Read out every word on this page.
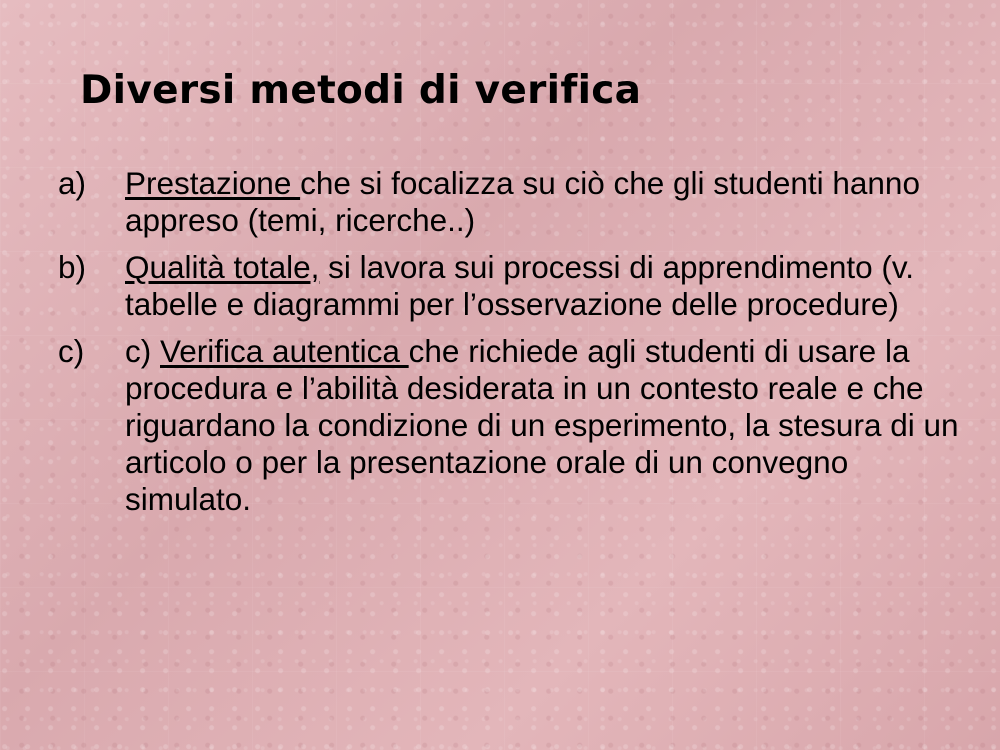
Diversi metodi di verifica
a)	Prestazione che si focalizza su ciò che gli studenti hanno appreso (temi, ricerche..)
b)	Qualità totale, si lavora sui processi di apprendimento (v. tabelle e diagrammi per l’osservazione delle procedure)
c)	c) Verifica autentica che richiede agli studenti di usare la procedura e l’abilità desiderata in un contesto reale e che riguardano la condizione di un esperimento, la stesura di un articolo o per la presentazione orale di un convegno simulato.
